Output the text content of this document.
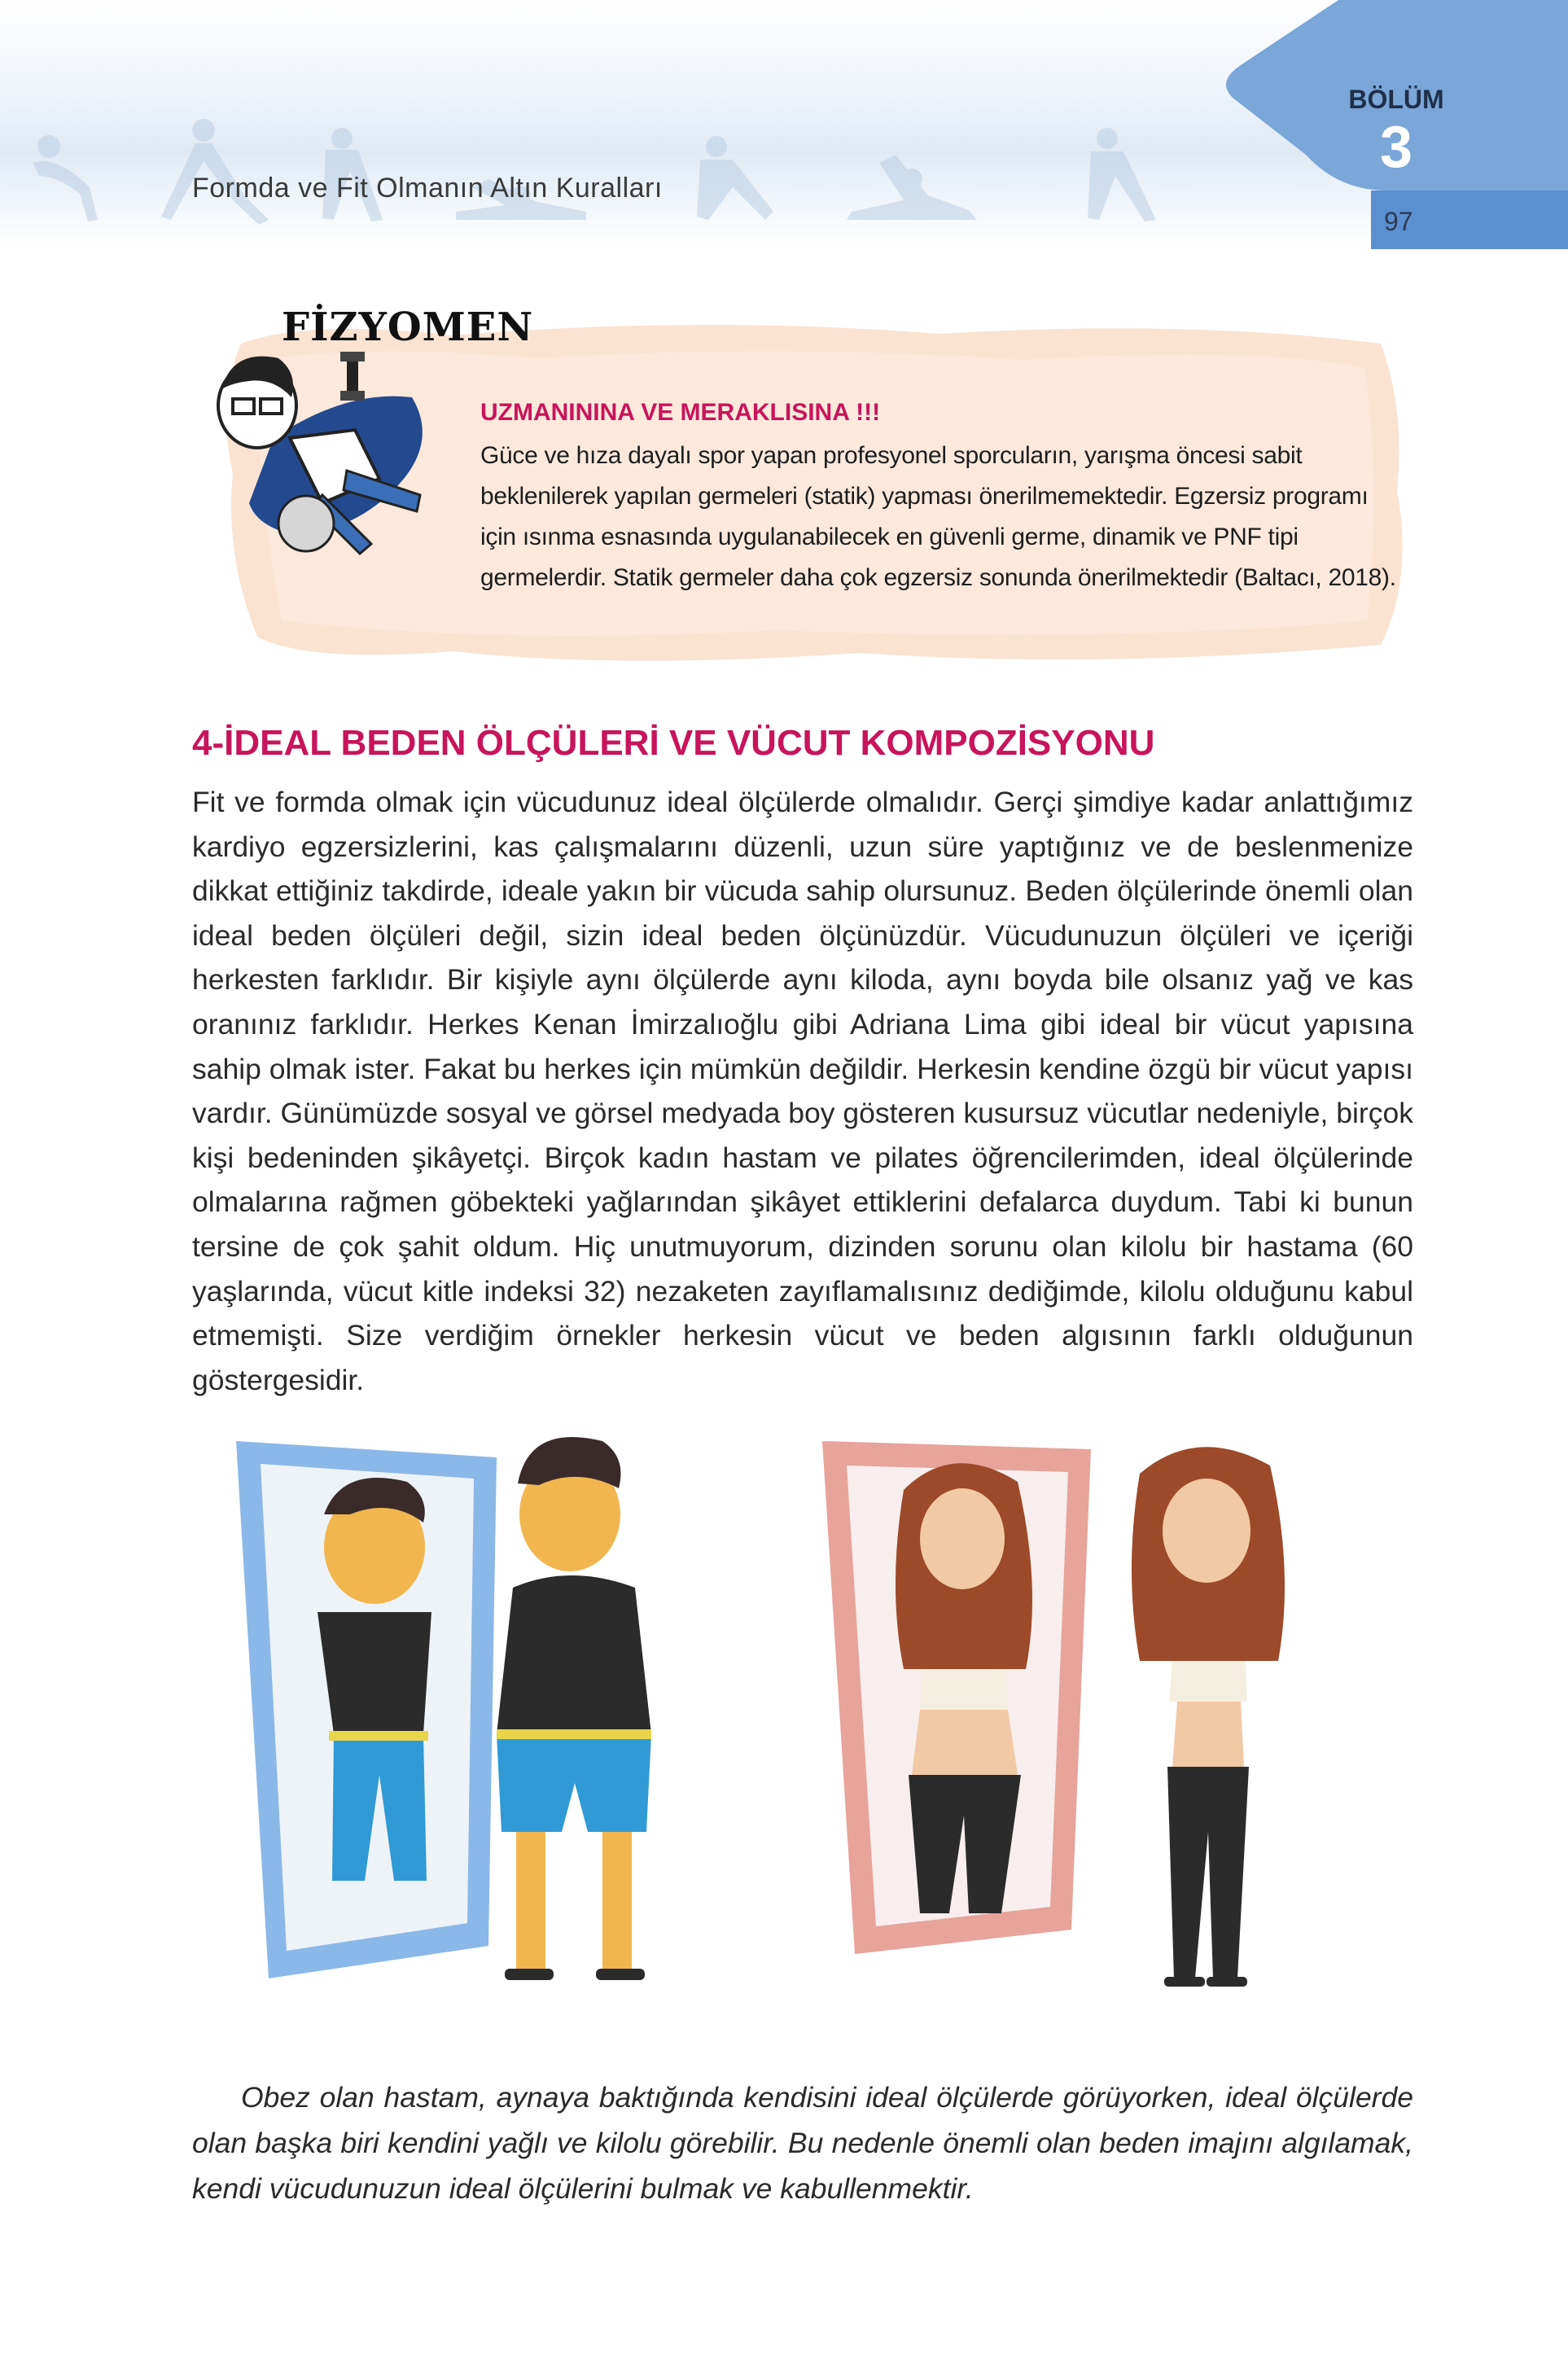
BÖLÜM
3
97
Formda ve Fit Olmanın Altın Kuralları
FİZYOMEN
UZMANININA VE MERAKLISINA !!!
Güce ve hıza dayalı spor yapan profesyonel sporcuların, yarışma öncesi sabit beklenilerek yapılan germeleri (statik) yapması önerilmemektedir. Egzersiz programı için ısınma esnasında uygulanabilecek en güvenli germe, dinamik ve PNF tipi germelerdir. Statik germeler daha çok egzersiz sonunda önerilmektedir (Baltacı, 2018).
4-İDEAL BEDEN ÖLÇÜLERİ VE VÜCUT KOMPOZİSYONU
Fit ve formda olmak için vücudunuz ideal ölçülerde olmalıdır. Gerçi şimdiye kadar anlattığımız kardiyo egzersizlerini, kas çalışmalarını düzenli, uzun süre yaptığınız ve de beslenmenize dikkat ettiğiniz takdirde, ideale yakın bir vücuda sahip olursunuz. Beden ölçülerinde önemli olan ideal beden ölçüleri değil, sizin ideal beden ölçünüzdür. Vücudunuzun ölçüleri ve içeriği herkesten farklıdır. Bir kişiyle aynı ölçülerde aynı kiloda, aynı boyda bile olsanız yağ ve kas oranınız farklıdır. Herkes Kenan İmirzalıoğlu gibi Adriana Lima gibi ideal bir vücut yapısına sahip olmak ister. Fakat bu herkes için mümkün değildir. Herkesin kendine özgü bir vücut yapısı vardır. Günümüzde sosyal ve görsel medyada boy gösteren kusursuz vücutlar nedeniyle, birçok kişi bedeninden şikâyetçi. Birçok kadın hastam ve pilates öğrencilerimden, ideal ölçülerinde olmalarına rağmen göbekteki yağlarından şikâyet ettiklerini defalarca duydum. Tabi ki bunun tersine de çok şahit oldum. Hiç unutmuyorum, dizinden sorunu olan kilolu bir hastama (60 yaşlarında, vücut kitle indeksi 32) nezaketen zayıflamalısınız dediğimde, kilolu olduğunu kabul etmemişti. Size verdiğim örnekler herkesin vücut ve beden algısının farklı olduğunun göstergesidir.
Obez olan hastam, aynaya baktığında kendisini ideal ölçülerde görüyorken, ideal ölçülerde olan başka biri kendini yağlı ve kilolu görebilir. Bu nedenle önemli olan beden imajını algılamak, kendi vücudunuzun ideal ölçülerini bulmak ve kabullenmektir.
